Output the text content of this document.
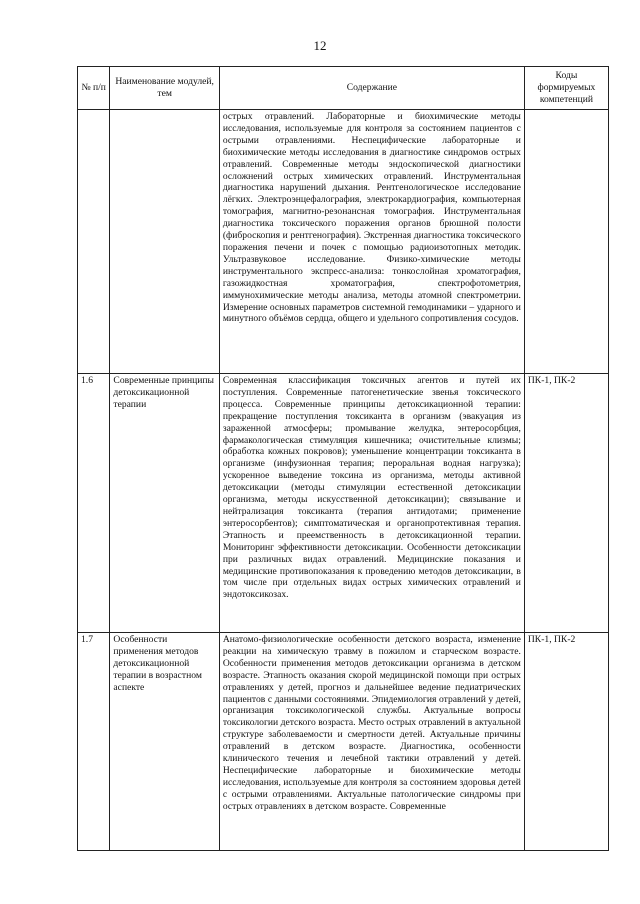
12
№ п/п	Наименование модулей, тем	Содержание	Коды формируемых компетенций
		острых отравлений. Лабораторные и биохимические методы исследования, используемые для контроля за состоянием пациентов с острыми отравлениями. Неспецифические лабораторные и биохимические методы исследования в диагностике синдромов острых отравлений. Современные методы эндоскопической диагностики осложнений острых химических отравлений. Инструментальная диагностика нарушений дыхания. Рентгенологическое исследование лёгких. Электроэнцефалография, электрокардиография, компьютерная томография, магнитно-резонансная томография. Инструментальная диагностика токсического поражения органов брюшной полости (фиброскопия и рентгенография). Экстренная диагностика токсического поражения печени и почек с помощью радиоизотопных методик. Ультразвуковое исследование. Физико-химические методы инструментального экспресс-анализа: тонкослойная хроматография, газожидкостная хроматография, спектрофотометрия, иммунохимические методы анализа, методы атомной спектрометрии. Измерение основных параметров системной гемодинамики – ударного и минутного объёмов сердца, общего и удельного сопротивления сосудов.	
1.6	Современные принципы детоксикационной терапии	Современная классификация токсичных агентов и путей их поступления. Современные патогенетические звенья токсического процесса. Современные принципы детоксикационной терапии: прекращение поступления токсиканта в организм (эвакуация из зараженной атмосферы; промывание желудка, энтеросорбция, фармакологическая стимуляция кишечника; очистительные клизмы; обработка кожных покровов); уменьшение концентрации токсиканта в организме (инфузионная терапия; пероральная водная нагрузка); ускоренное выведение токсина из организма, методы активной детоксикации (методы стимуляции естественной детоксикации организма, методы искусственной детоксикации); связывание и нейтрализация токсиканта (терапия антидотами; применение энтеросорбентов); симптоматическая и органопротективная терапия. Этапность и преемственность в детоксикационной терапии. Мониторинг эффективности детоксикации. Особенности детоксикации при различных видах отравлений. Медицинские показания и медицинские противопоказания к проведению методов детоксикации, в том числе при отдельных видах острых химических отравлений и эндотоксикозах.	ПК-1, ПК-2
1.7	Особенности применения методов детоксикационной терапии в возрастном аспекте	Анатомо-физиологические особенности детского возраста, изменение реакции на химическую травму в пожилом и старческом возрасте. Особенности применения методов детоксикации организма в детском возрасте. Этапность оказания скорой медицинской помощи при острых отравлениях у детей, прогноз и дальнейшее ведение педиатрических пациентов с данными состояниями. Эпидемиология отравлений у детей, организация токсикологической службы. Актуальные вопросы токсикологии детского возраста. Место острых отравлений в актуальной структуре заболеваемости и смертности детей. Актуальные причины отравлений в детском возрасте. Диагностика, особенности клинического течения и лечебной тактики отравлений у детей. Неспецифические лабораторные и биохимические методы исследования, используемые для контроля за состоянием здоровья детей с острыми отравлениями. Актуальные патологические синдромы при острых отравлениях в детском возрасте. Современные	ПК-1, ПК-2
